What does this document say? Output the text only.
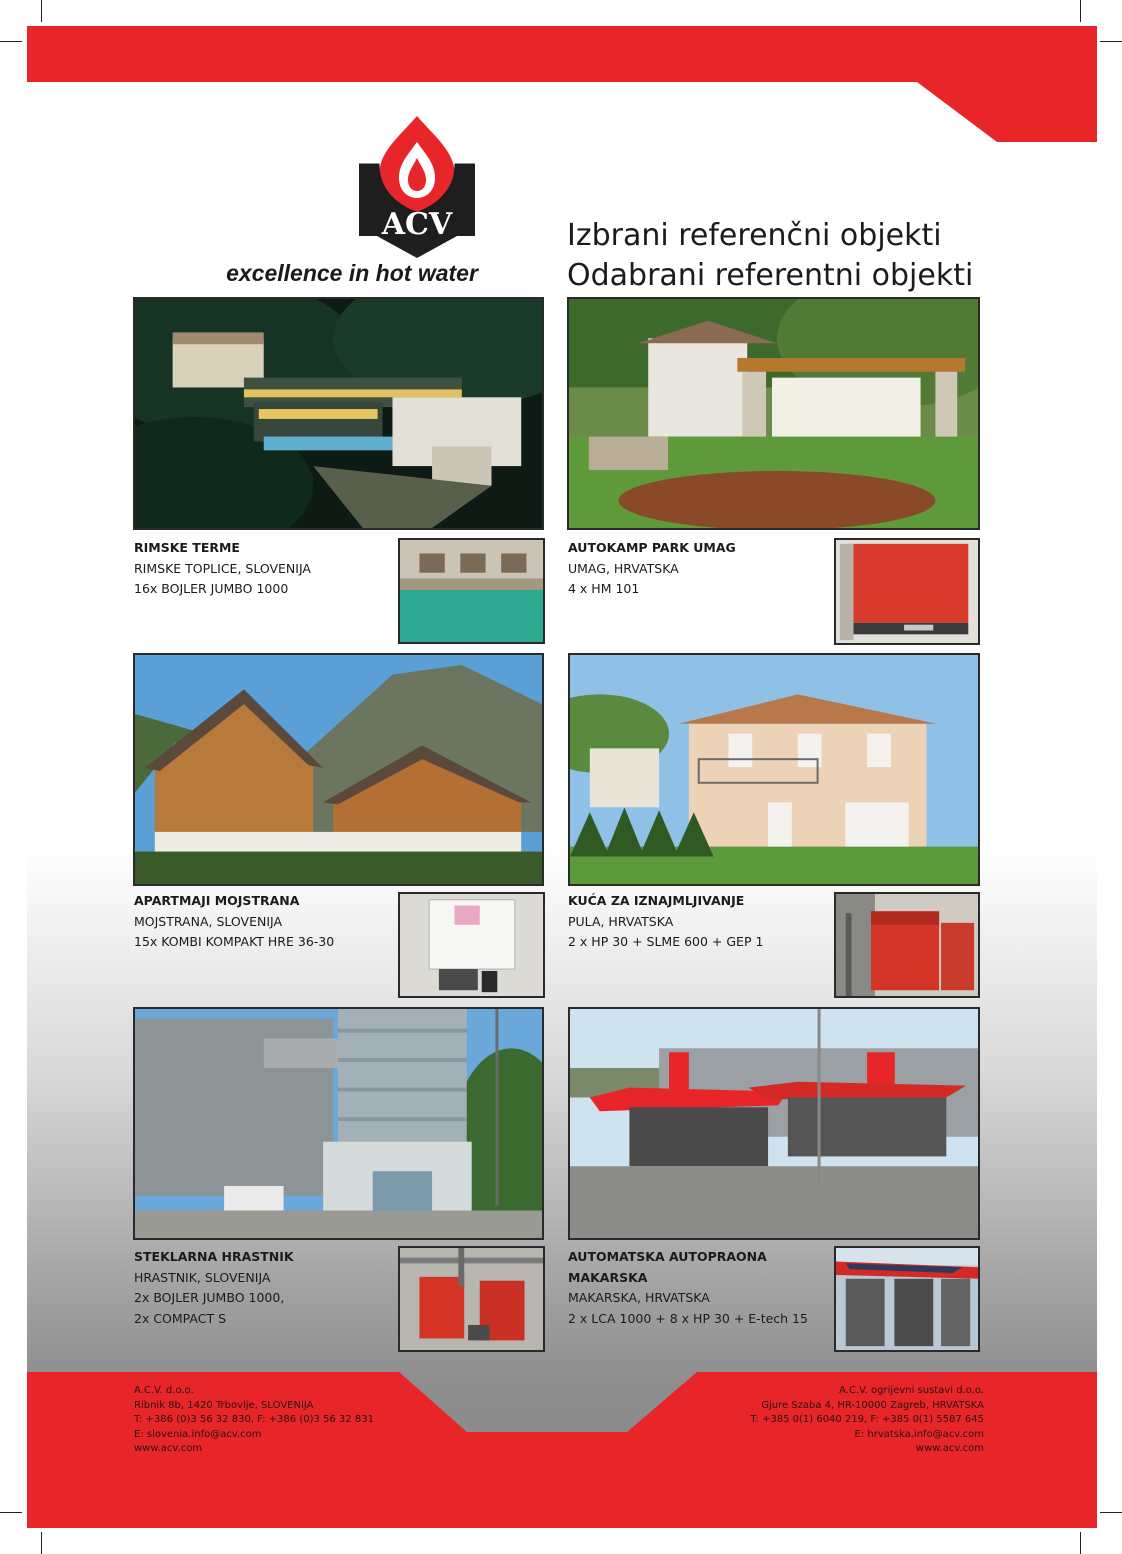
ACV
excellence in hot water
Izbrani referenčni objekti
Odabrani referentni objekti
RIMSKE TERME
RIMSKE TOPLICE, SLOVENIJA
16x BOJLER JUMBO 1000
AUTOKAMP PARK UMAG
UMAG, HRVATSKA
4 x HM 101
APARTMAJI MOJSTRANA
MOJSTRANA, SLOVENIJA
15x KOMBI KOMPAKT HRE 36-30
KUĆA ZA IZNAJMLJIVANJE
PULA, HRVATSKA
2 x HP 30 + SLME 600 + GEP 1
STEKLARNA HRASTNIK
HRASTNIK, SLOVENIJA
2x BOJLER JUMBO 1000,
2x COMPACT S
AUTOMATSKA AUTOPRAONA
MAKARSKA
MAKARSKA, HRVATSKA
2 x LCA 1000 + 8 x HP 30 + E-tech 15
A.C.V. d.o.o.
Ribnik 8b, 1420 Trbovlje, SLOVENIJA
T: +386 (0)3 56 32 830, F: +386 (0)3 56 32 831
E: slovenia.info@acv.com
www.acv.com
A.C.V. ogrijevni sustavi d.o.o.
Gjure Szaba 4, HR-10000 Zagreb, HRVATSKA
T: +385 0(1) 6040 219, F: +385 0(1) 5587 645
E: hrvatska.info@acv.com
www.acv.com
